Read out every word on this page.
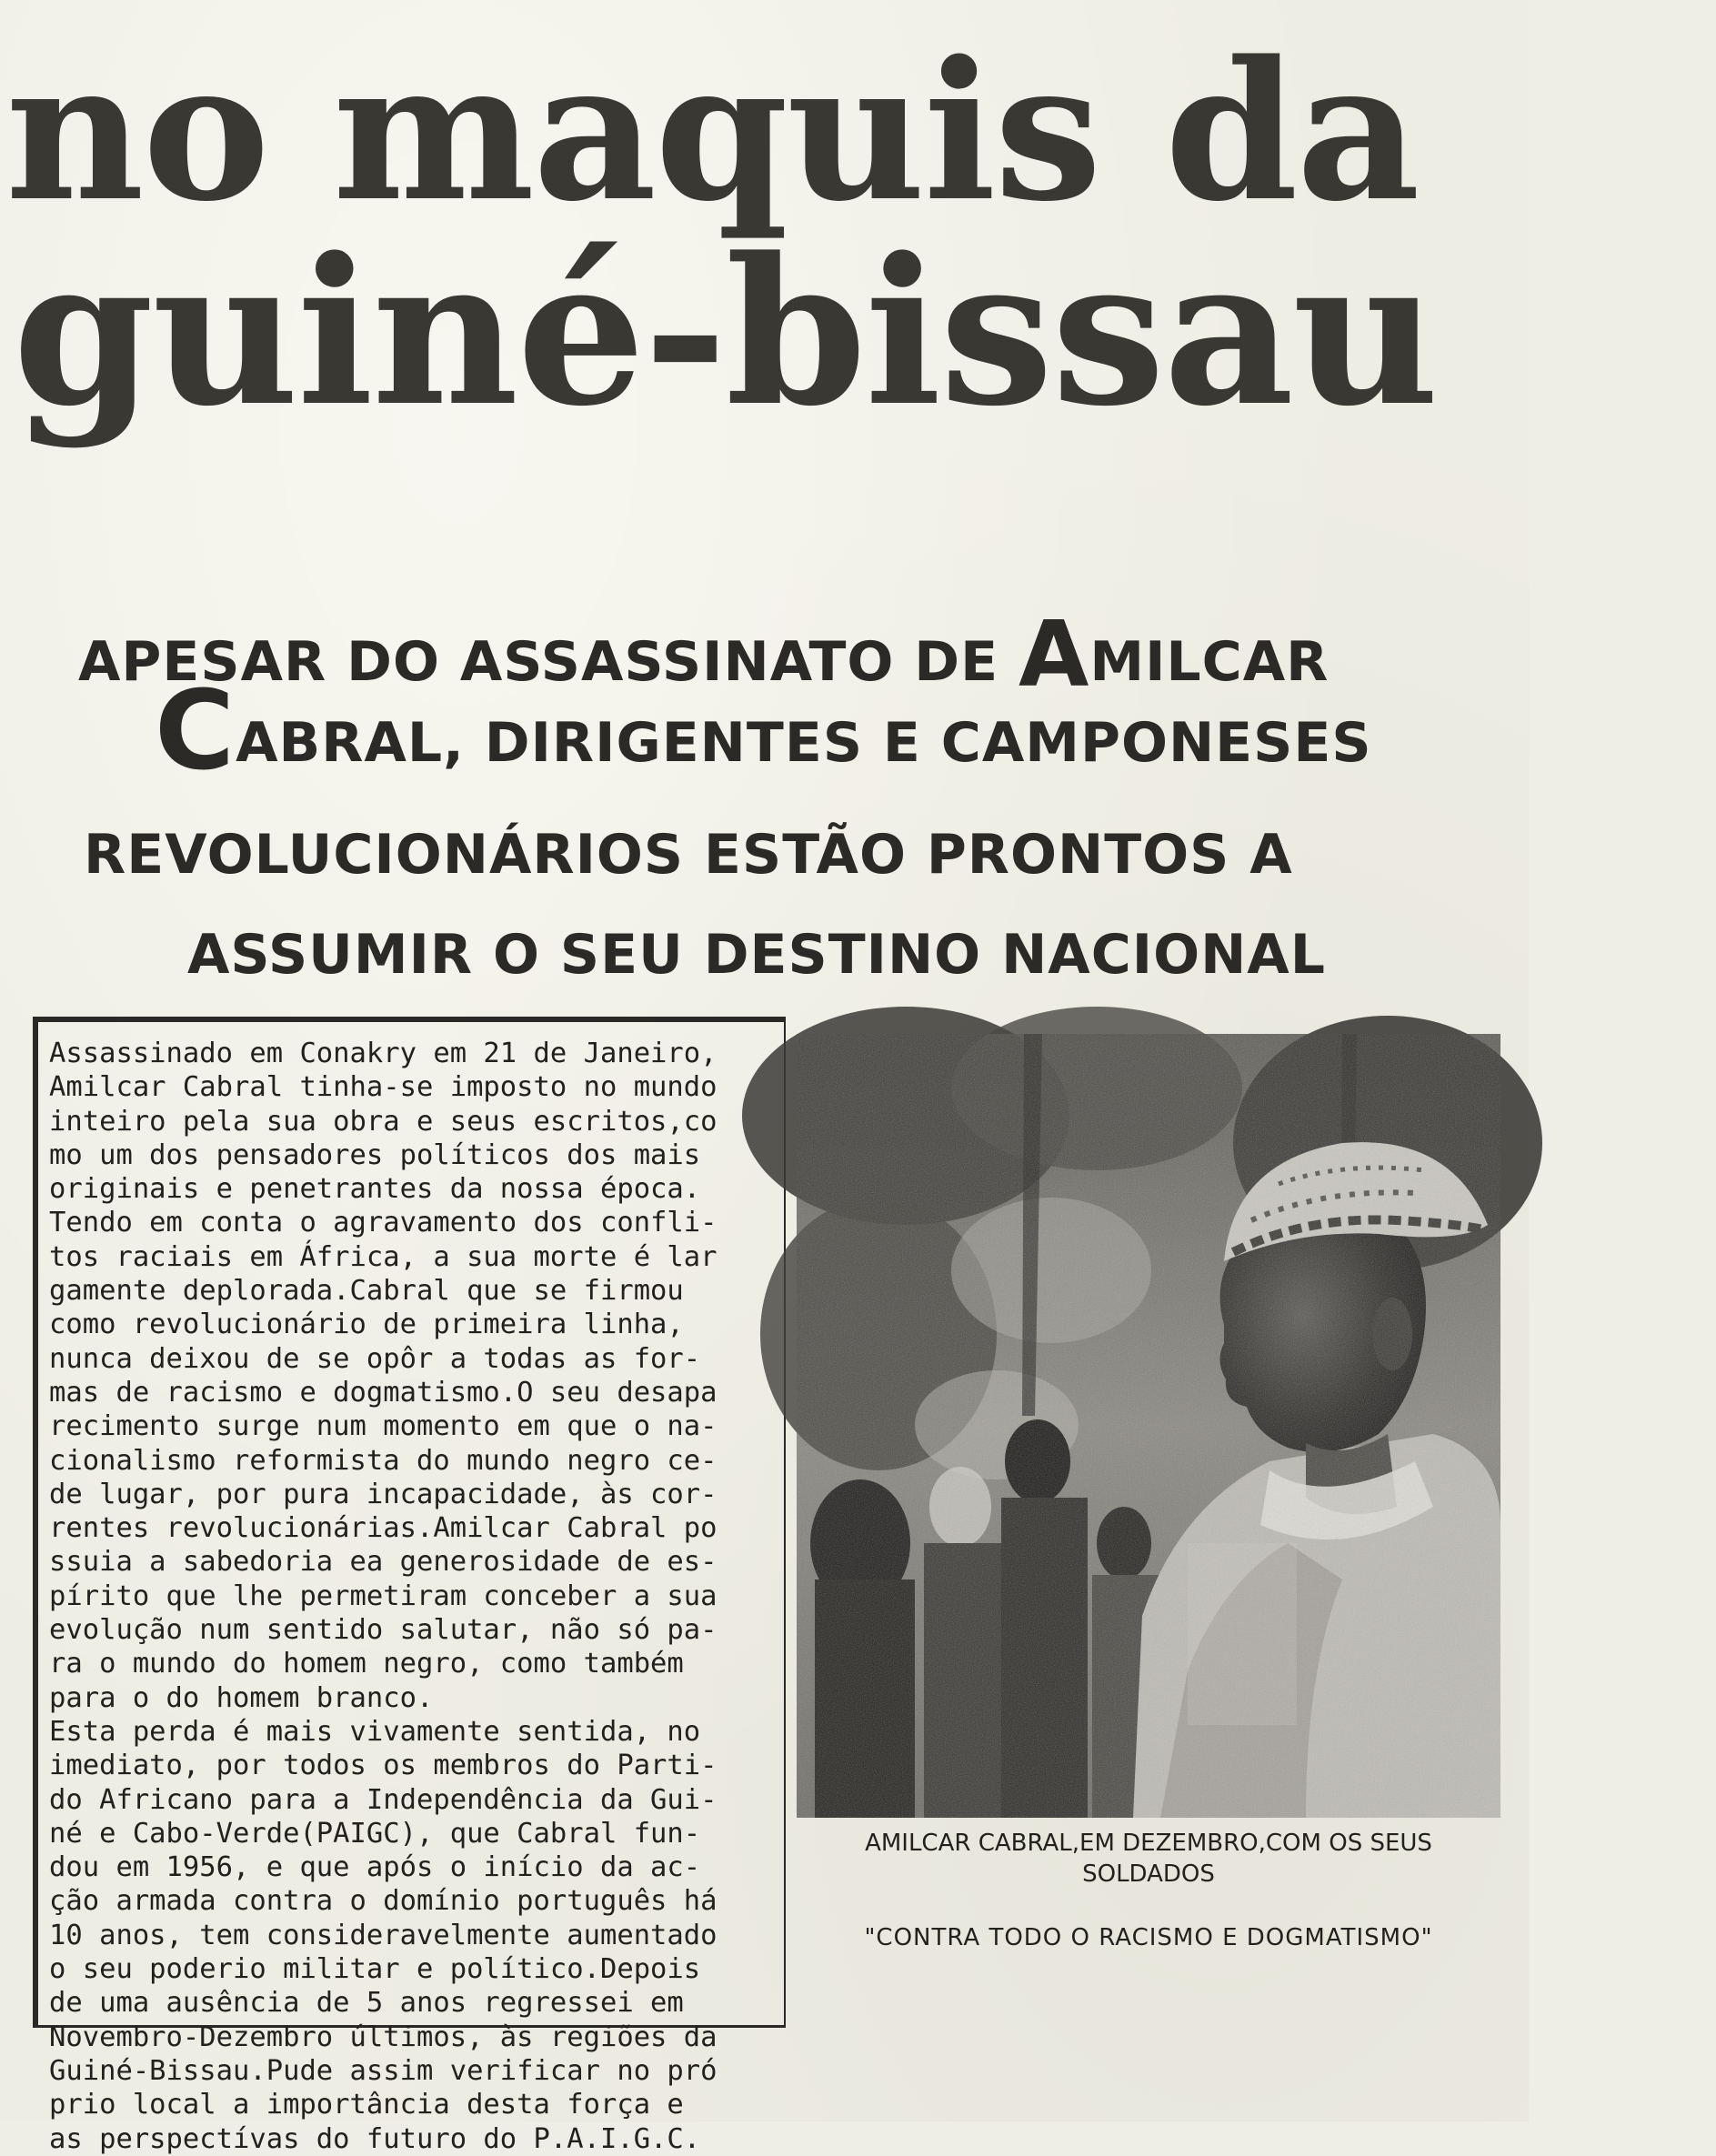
no maquis da
guiné-bissau
APESAR DO ASSASSINATO DE AMILCAR
CABRAL, DIRIGENTES E CAMPONESES
REVOLUCIONÁRIOS ESTÃO PRONTOS A
ASSUMIR O SEU DESTINO NACIONAL
Assassinado em Conakry em 21 de Janeiro,
Amilcar Cabral tinha-se imposto no mundo
inteiro pela sua obra e seus escritos,co
mo um dos pensadores políticos dos mais
originais e penetrantes da nossa época.
Tendo em conta o agravamento dos confli-
tos raciais em África, a sua morte é lar
gamente deplorada.Cabral que se firmou
como revolucionário de primeira linha,
nunca deixou de se opôr a todas as for-
mas de racismo e dogmatismo.O seu desapa
recimento surge num momento em que o na-
cionalismo reformista do mundo negro ce-
de lugar, por pura incapacidade, às cor-
rentes revolucionárias.Amilcar Cabral po
ssuia a sabedoria ea generosidade de es-
pírito que lhe permetiram conceber a sua
evolução num sentido salutar, não só pa-
ra o mundo do homem negro, como também
para o do homem branco.
Esta perda é mais vivamente sentida, no
imediato, por todos os membros do Parti-
do Africano para a Independência da Gui-
né e Cabo-Verde(PAIGC), que Cabral fun-
dou em 1956, e que após o início da ac-
ção armada contra o domínio português há
10 anos, tem consideravelmente aumentado
o seu poderio militar e político.Depois
de uma ausência de 5 anos regressei em
Novembro-Dezembro últimos, às regiões da
Guiné-Bissau.Pude assim verificar no pró
prio local a importância desta força e
as perspectívas do futuro do P.A.I.G.C.
AMILCAR CABRAL,EM DEZEMBRO,COM OS SEUS
SOLDADOS
"CONTRA TODO O RACISMO E DOGMATISMO"
